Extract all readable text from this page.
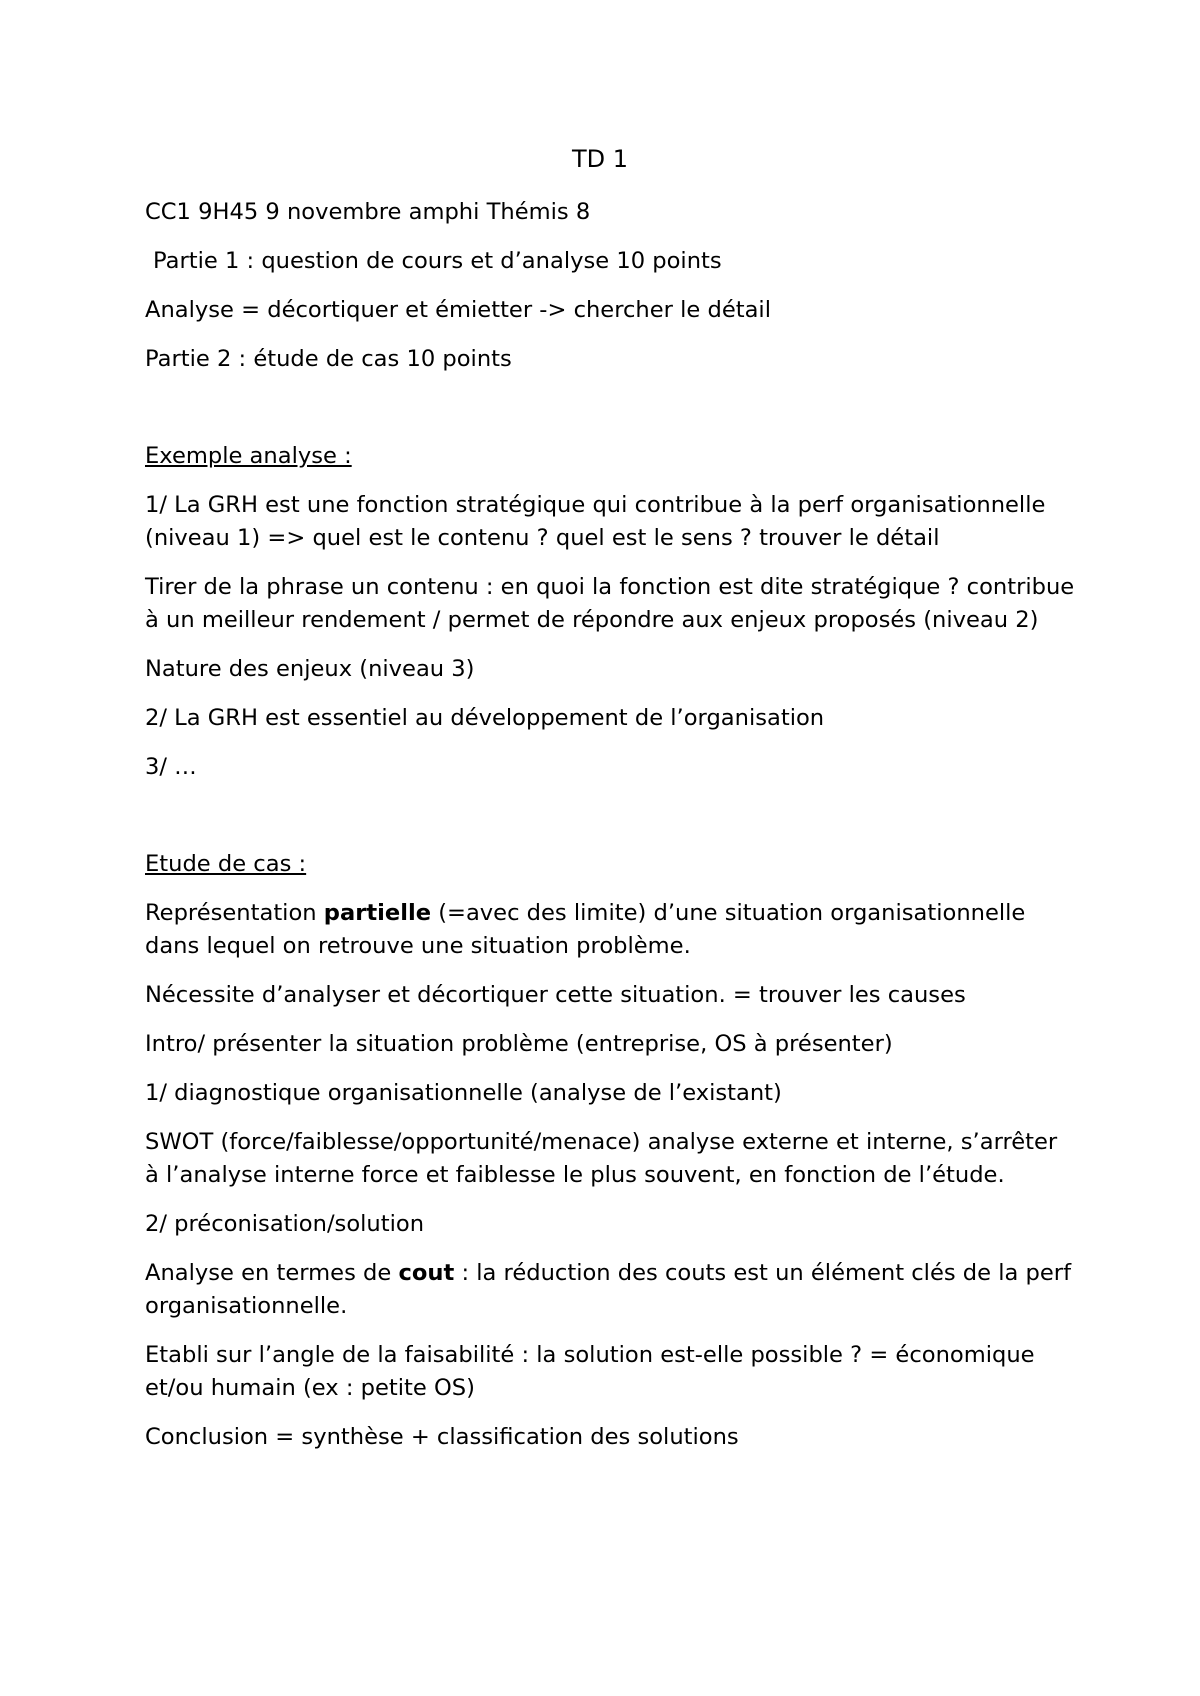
TD 1

CC1 9H45 9 novembre amphi Thémis 8

Partie 1 : question de cours et d’analyse 10 points

Analyse = décortiquer et émietter -> chercher le détail

Partie 2 : étude de cas 10 points

Exemple analyse :

1/ La GRH est une fonction stratégique qui contribue à la perf organisationnelle (niveau 1) => quel est le contenu ? quel est le sens ? trouver le détail

Tirer de la phrase un contenu : en quoi la fonction est dite stratégique ? contribue à un meilleur rendement / permet de répondre aux enjeux proposés (niveau 2)

Nature des enjeux (niveau 3)

2/ La GRH est essentiel au développement de l’organisation

3/ …

Etude de cas :

Représentation partielle (=avec des limite) d’une situation organisationnelle dans lequel on retrouve une situation problème.

Nécessite d’analyser et décortiquer cette situation. = trouver les causes

Intro/ présenter la situation problème (entreprise, OS à présenter)

1/ diagnostique organisationnelle (analyse de l’existant)

SWOT (force/faiblesse/opportunité/menace) analyse externe et interne, s’arrêter à l’analyse interne force et faiblesse le plus souvent, en fonction de l’étude.

2/ préconisation/solution

Analyse en termes de cout : la réduction des couts est un élément clés de la perf organisationnelle.

Etabli sur l’angle de la faisabilité : la solution est-elle possible ? = économique et/ou humain (ex : petite OS)

Conclusion = synthèse + classification des solutions
